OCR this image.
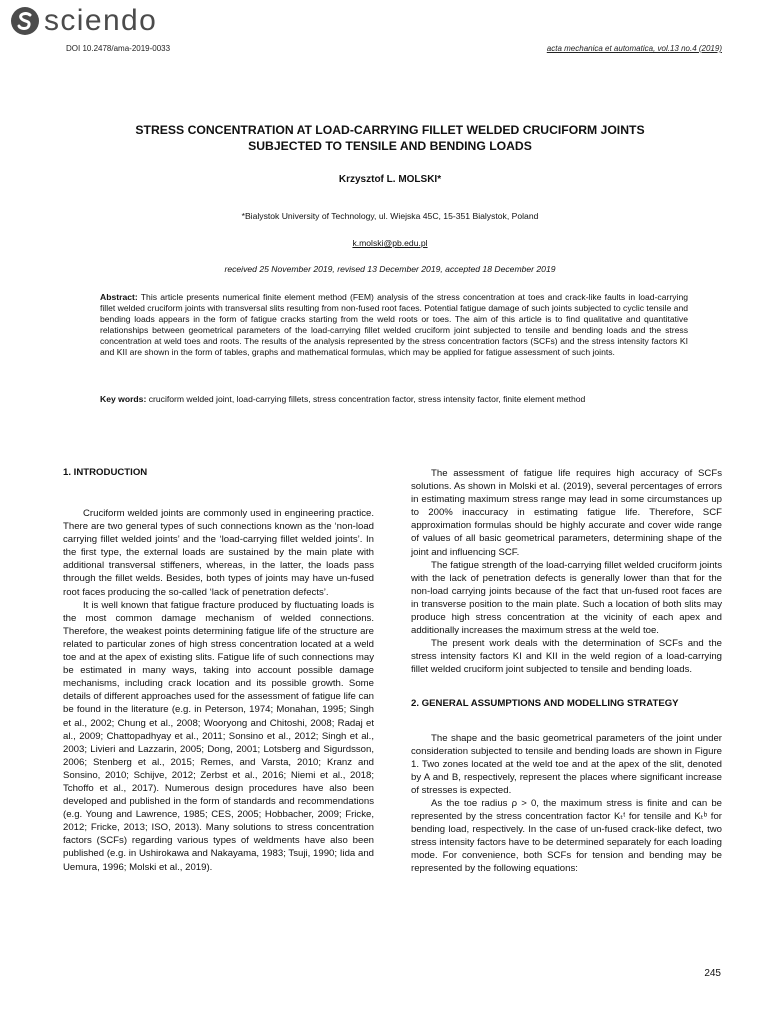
sciendo
DOI 10.2478/ama-2019-0033	acta mechanica et automatica, vol.13 no.4 (2019)
STRESS CONCENTRATION AT LOAD-CARRYING FILLET WELDED CRUCIFORM JOINTS
SUBJECTED TO TENSILE AND BENDING LOADS
Krzysztof L. MOLSKI*
*Bialystok University of Technology, ul. Wiejska 45C, 15-351 Bialystok, Poland
k.molski@pb.edu.pl
received 25 November 2019, revised 13 December 2019, accepted 18 December 2019
Abstract: This article presents numerical finite element method (FEM) analysis of the stress concentration at toes and crack-like faults in load-carrying fillet welded cruciform joints with transversal slits resulting from non-fused root faces. Potential fatigue damage of such joints subjected to cyclic tensile and bending loads appears in the form of fatigue cracks starting from the weld roots or toes. The aim of this article is to find qualitative and quantitative relationships between geometrical parameters of the load-carrying fillet welded cruciform joint subjected to tensile and bending loads and the stress concentration at weld toes and roots. The results of the analysis represented by the stress concentration factors (SCFs) and the stress intensity factors KI and KII are shown in the form of tables, graphs and mathematical formulas, which may be applied for fatigue assessment of such joints.
Key words: cruciform welded joint, load-carrying fillets, stress concentration factor, stress intensity factor, finite element method
1. INTRODUCTION

Cruciform welded joints are commonly used in engineering practice. There are two general types of such connections known as the ‘non-load carrying fillet welded joints’ and the ‘load-carrying fillet welded joints’. In the first type, the external loads are sustained by the main plate with additional transversal stiffeners, whereas, in the latter, the loads pass through the fillet welds. Besides, both types of joints may have un-fused root faces producing the so-called ‘lack of penetration defects’.

It is well known that fatigue fracture produced by fluctuating loads is the most common damage mechanism of welded connections. Therefore, the weakest points determining fatigue life of the structure are related to particular zones of high stress concentration located at a weld toe and at the apex of existing slits. Fatigue life of such connections may be estimated in many ways, taking into account possible damage mechanisms, including crack location and its possible growth. Some details of different approaches used for the assessment of fatigue life can be found in the literature (e.g. in Peterson, 1974; Monahan, 1995; Singh et al., 2002; Chung et al., 2008; Wooryong and Chitoshi, 2008; Radaj et al., 2009; Chattopadhyay et al., 2011; Sonsino et al., 2012; Singh et al., 2003; Livieri and Lazzarin, 2005; Dong, 2001; Lotsberg and Sigurdsson, 2006; Stenberg et al., 2015; Remes, and Varsta, 2010; Kranz and Sonsino, 2010; Schijve, 2012; Zerbst et al., 2016; Niemi et al., 2018; Tchoffo et al., 2017). Numerous design procedures have also been developed and published in the form of standards and recommendations (e.g. Young and Lawrence, 1985; CES, 2005; Hobbacher, 2009; Fricke, 2012; Fricke, 2013; ISO, 2013). Many solutions to stress concentration factors (SCFs) regarding various types of weldments have also been published (e.g. in Ushirokawa and Nakayama, 1983; Tsuji, 1990; Iida and Uemura, 1996; Molski et al., 2019).

The assessment of fatigue life requires high accuracy of SCFs solutions. As shown in Molski et al. (2019), several percentages of errors in estimating maximum stress range may lead in some circumstances up to 200% inaccuracy in estimating fatigue life. Therefore, SCF approximation formulas should be highly accurate and cover wide range of values of all basic geometrical parameters, determining shape of the joint and influencing SCF.

The fatigue strength of the load-carrying fillet welded cruciform joints with the lack of penetration defects is generally lower than that for the non-load carrying joints because of the fact that un-fused root faces are in transverse position to the main plate. Such a location of both slits may produce high stress concentration at the vicinity of each apex and additionally increases the maximum stress at the weld toe.

The present work deals with the determination of SCFs and the stress intensity factors KI and KII in the weld region of a load-carrying fillet welded cruciform joint subjected to tensile and bending loads.

2. GENERAL ASSUMPTIONS AND MODELLING STRATEGY

The shape and the basic geometrical parameters of the joint under consideration subjected to tensile and bending loads are shown in Figure 1. Two zones located at the weld toe and at the apex of the slit, denoted by A and B, respectively, represent the places where significant increase of stresses is expected.

As the toe radius ρ > 0, the maximum stress is finite and can be represented by the stress concentration factor Kₜᵗ for tensile and Kₜᵇ for bending load, respectively. In the case of un-fused crack-like defect, two stress intensity factors have to be determined separately for each loading mode. For convenience, both SCFs for tension and bending may be represented by the following equations:

245
